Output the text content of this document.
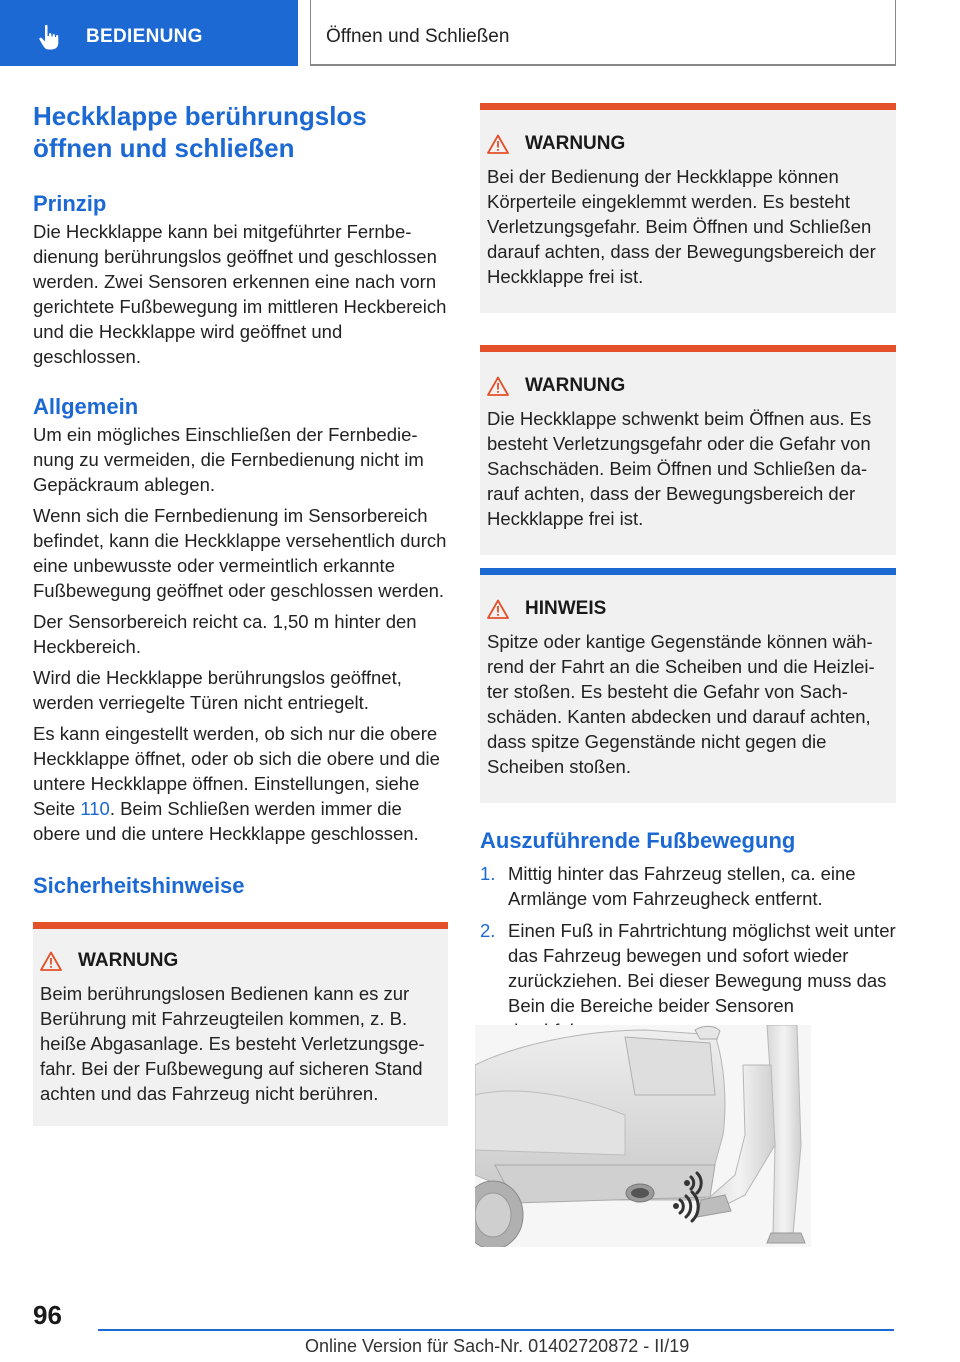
BEDIENUNG	Öffnen und Schließen
Heckklappe berührungslos
öffnen und schließen
Prinzip

Die Heckklappe kann bei mitgeführter Fernbedienung berührungslos geöffnet und geschlossen werden. Zwei Sensoren erkennen eine nach vorn gerichtete Fußbewegung im mittleren Heckbereich und die Heckklappe wird geöffnet und geschlossen.

Allgemein

Um ein mögliches Einschließen der Fernbedienung zu vermeiden, die Fernbedienung nicht im Gepäckraum ablegen.

Wenn sich die Fernbedienung im Sensorbereich befindet, kann die Heckklappe versehentlich durch eine unbewusste oder vermeintlich erkannte Fußbewegung geöffnet oder geschlossen werden.

Der Sensorbereich reicht ca. 1,50 m hinter den Heckbereich.

Wird die Heckklappe berührungslos geöffnet, werden verriegelte Türen nicht entriegelt.

Es kann eingestellt werden, ob sich nur die obere Heckklappe öffnet, oder ob sich die obere und die untere Heckklappe öffnen. Einstellungen, siehe Seite 110. Beim Schließen werden immer die obere und die untere Heckklappe geschlossen.

Sicherheitshinweise
WARNUNG

Beim berührungslosen Bedienen kann es zur Berührung mit Fahrzeugteilen kommen, z. B. heiße Abgasanlage. Es besteht Verletzungsgefahr. Bei der Fußbewegung auf sicheren Stand achten und das Fahrzeug nicht berühren.

WARNUNG

Bei der Bedienung der Heckklappe können Körperteile eingeklemmt werden. Es besteht Verletzungsgefahr. Beim Öffnen und Schließen darauf achten, dass der Bewegungsbereich der Heckklappe frei ist.

WARNUNG

Die Heckklappe schwenkt beim Öffnen aus. Es besteht Verletzungsgefahr oder die Gefahr von Sachschäden. Beim Öffnen und Schließen darauf achten, dass der Bewegungsbereich der Heckklappe frei ist.

HINWEIS

Spitze oder kantige Gegenstände können während der Fahrt an die Scheiben und die Heizleiter stoßen. Es besteht die Gefahr von Sachschäden. Kanten abdecken und darauf achten, dass spitze Gegenstände nicht gegen die Scheiben stoßen.

Auszuführende Fußbewegung
1. Mittig hinter das Fahrzeug stellen, ca. eine Armlänge vom Fahrzeugheck entfernt.
2. Einen Fuß in Fahrtrichtung möglichst weit unter das Fahrzeug bewegen und sofort wieder zurückziehen. Bei dieser Bewegung muss das Bein die Bereiche beider Sensoren
96
Online Version für Sach-Nr. 01402720872 - II/19
